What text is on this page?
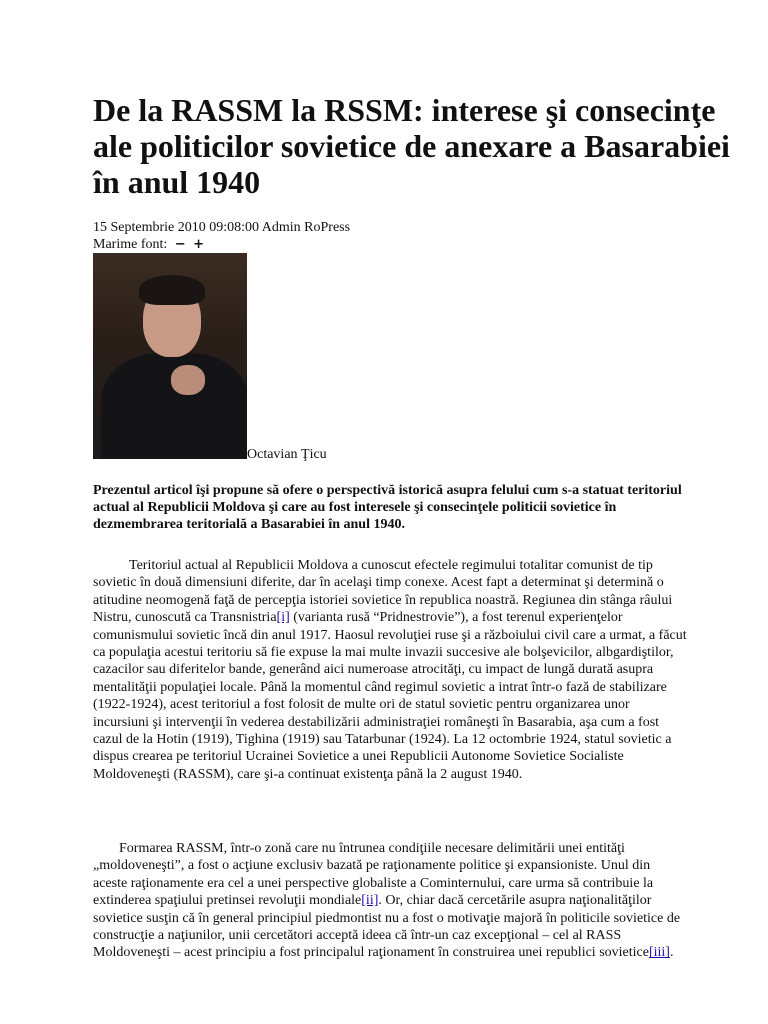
De la RASSM la RSSM: interese şi consecinţe ale politicilor sovietice de anexare a Basarabiei în anul 1940
15 Septembrie 2010 09:08:00 Admin RoPress
Marime font: − +
Octavian Ţicu

Prezentul articol îşi propune să ofere o perspectivă istorică asupra felului cum s-a statuat teritoriul actual al Republicii Moldova şi care au fost interesele şi consecinţele politicii sovietice în dezmembrarea teritorială a Basarabiei în anul 1940.

Teritoriul actual al Republicii Moldova a cunoscut efectele regimului totalitar comunist de tip sovietic în două dimensiuni diferite, dar în acelaşi timp conexe. Acest fapt a determinat şi determină o atitudine neomogenă faţă de percepţia istoriei sovietice în republica noastră. Regiunea din stânga râului Nistru, cunoscută ca Transnistria[i] (varianta rusă “Pridnestrovie”), a fost terenul experienţelor comunismului sovietic încă din anul 1917. Haosul revoluţiei ruse şi a războiului civil care a urmat, a făcut ca populaţia acestui teritoriu să fie expuse la mai multe invazii succesive ale bolşevicilor, albgardiştilor, cazacilor sau diferitelor bande, generând aici numeroase atrocităţi, cu impact de lungă durată asupra mentalităţii populaţiei locale. Până la momentul când regimul sovietic a intrat într-o fază de stabilizare (1922-1924), acest teritoriul a fost folosit de multe ori de statul sovietic pentru organizarea unor incursiuni şi intervenţii în vederea destabilizării administraţiei româneşti în Basarabia, aşa cum a fost cazul de la Hotin (1919), Tighina (1919) sau Tatarbunar (1924). La 12 octombrie 1924, statul sovietic a dispus crearea pe teritoriul Ucrainei Sovietice a unei Republicii Autonome Sovietice Socialiste Moldoveneşti (RASSM), care şi-a continuat existenţa până la 2 august 1940.

Formarea RASSM, într-o zonă care nu întrunea condiţiile necesare delimitării unei entităţi „moldoveneşti”, a fost o acţiune exclusiv bazată pe raţionamente politice şi expansioniste. Unul din aceste raţionamente era cel a unei perspective globaliste a Cominternului, care urma să contribuie la extinderea spaţiului pretinsei revoluţii mondiale[ii]. Or, chiar dacă cercetările asupra naţionalităţilor sovietice susţin că în general principiul piedmontist nu a fost o motivaţie majoră în politicile sovietice de construcţie a naţiunilor, unii cercetători acceptă ideea că într-un caz excepţional – cel al RASS Moldoveneşti – acest principiu a fost principalul raţionament în construirea unei republici sovietice[iii].
